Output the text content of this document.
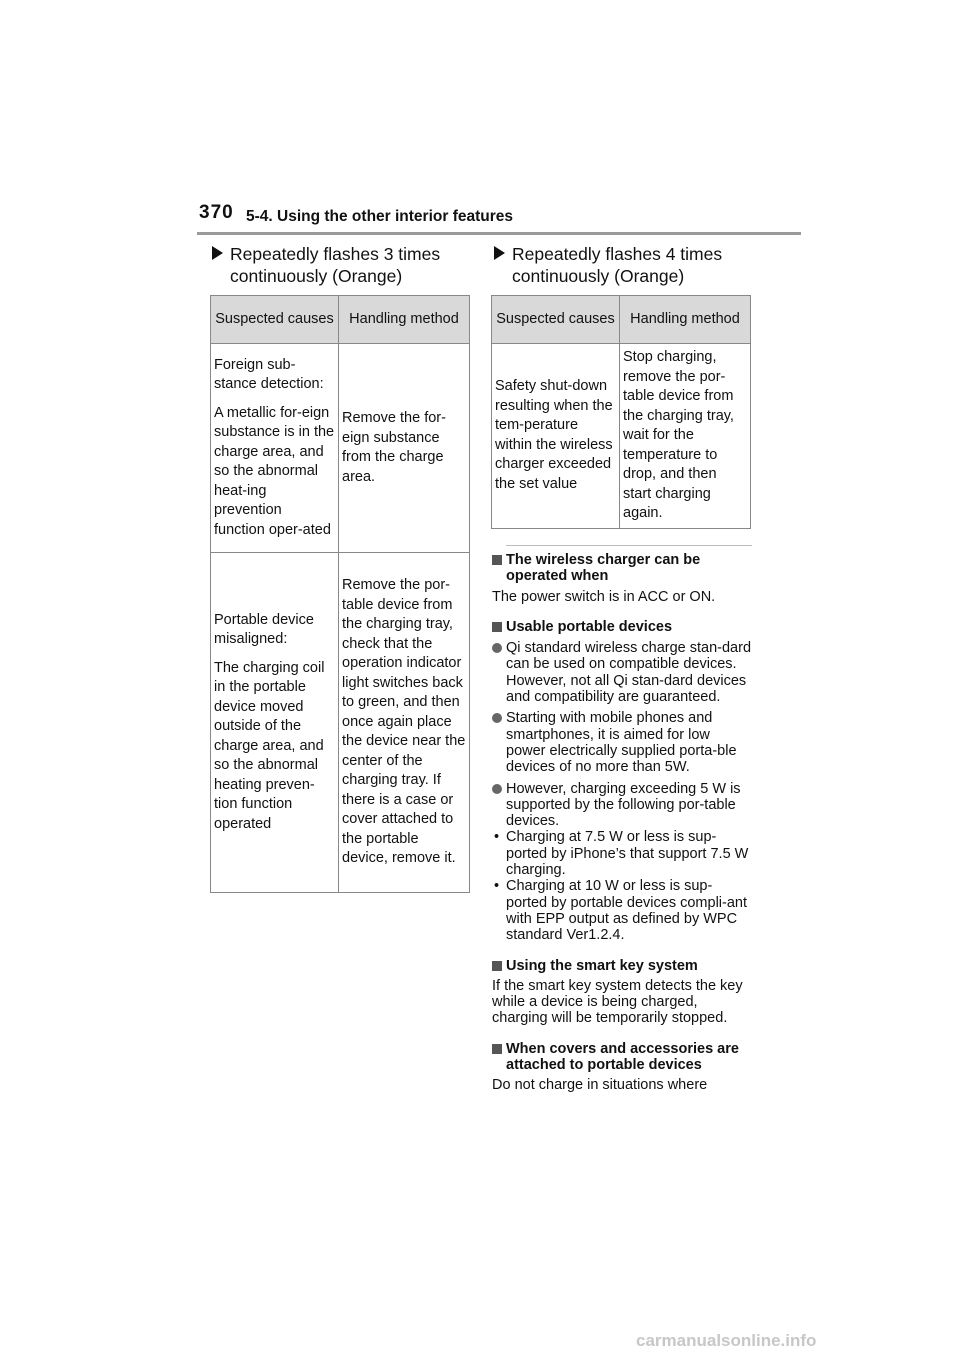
370 5-4. Using the other interior features
Repeatedly flashes 3 times
continuously (Orange)
Suspected causes	Handling method

Foreign sub-stance detection:

A metallic for-eign substance is in the charge area, and so the abnormal heat-ing prevention function oper-ated	Remove the for-eign substance from the charge area.

Portable device misaligned:

The charging coil in the portable device moved outside of the charge area, and so the abnormal heating preven-tion function operated	Remove the por-table device from the charging tray, check that the operation indicator light switches back to green, and then once again place the device near the center of the charging tray. If there is a case or cover attached to the portable device, remove it.
Repeatedly flashes 4 times
continuously (Orange)
Suspected causes	Handling method
Safety shut-down resulting when the tem-perature within the wireless charger exceeded the set value	Stop charging, remove the por-table device from the charging tray, wait for the temperature to drop, and then start charging again.
The wireless charger can be operated when
The power switch is in ACC or ON.
Usable portable devices
Qi standard wireless charge stan-dard can be used on compatible devices. However, not all Qi stan-dard devices and compatibility are guaranteed.
Starting with mobile phones and smartphones, it is aimed for low power electrically supplied porta-ble devices of no more than 5W.
However, charging exceeding 5 W is supported by the following por-table devices.
• Charging at 7.5 W or less is sup-ported by iPhone’s that support 7.5 W charging.
• Charging at 10 W or less is sup-ported by portable devices compli-ant with EPP output as defined by WPC standard Ver1.2.4.
Using the smart key system
If the smart key system detects the key while a device is being charged, charging will be temporarily stopped.
When covers and accessories are attached to portable devices
Do not charge in situations where
carmanualsonline.info
